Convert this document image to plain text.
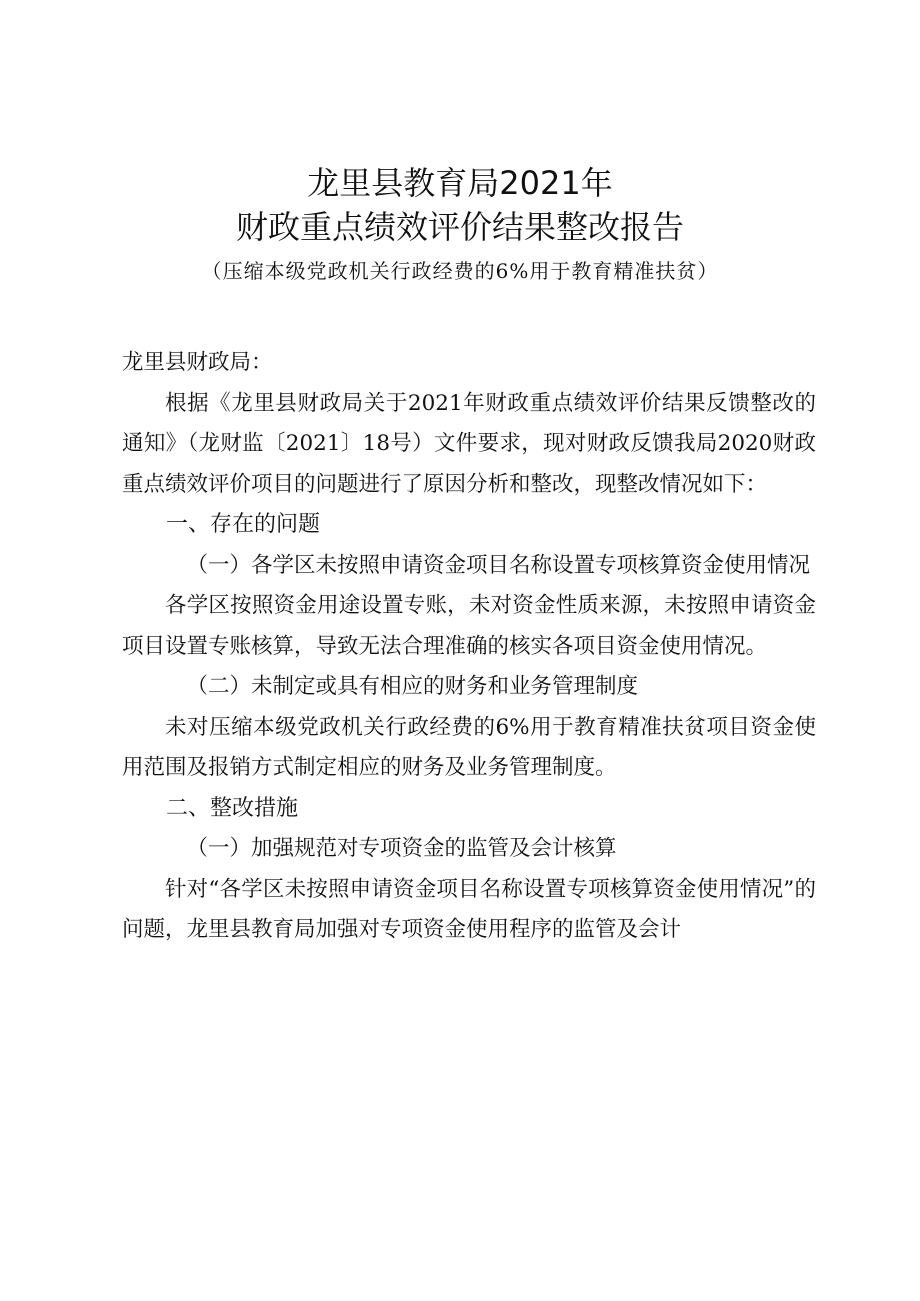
龙里县教育局2021年
财政重点绩效评价结果整改报告
（压缩本级党政机关行政经费的6%用于教育精准扶贫）

龙里县财政局：

根据《龙里县财政局关于2021年财政重点绩效评价结果反馈整改的通知》（龙财监〔2021〕18号）文件要求，现对财政反馈我局2020财政重点绩效评价项目的问题进行了原因分析和整改，现整改情况如下：

一、存在的问题

（一）各学区未按照申请资金项目名称设置专项核算资金使用情况

各学区按照资金用途设置专账，未对资金性质来源，未按照申请资金项目设置专账核算，导致无法合理准确的核实各项目资金使用情况。

（二）未制定或具有相应的财务和业务管理制度

未对压缩本级党政机关行政经费的6%用于教育精准扶贫项目资金使用范围及报销方式制定相应的财务及业务管理制度。

二、整改措施

（一）加强规范对专项资金的监管及会计核算

针对“各学区未按照申请资金项目名称设置专项核算资金使用情况”的问题，龙里县教育局加强对专项资金使用程序的监管及会计
